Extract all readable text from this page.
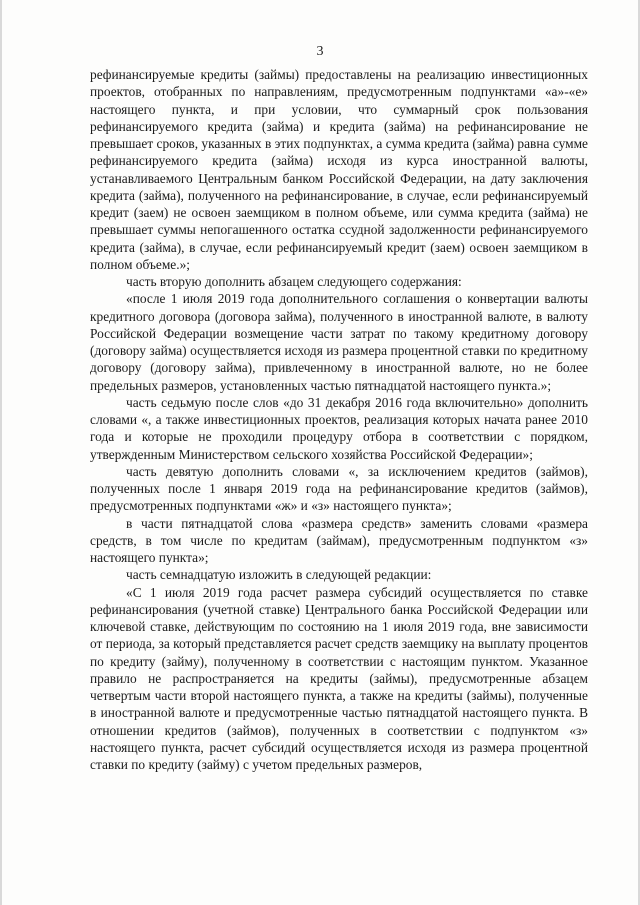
3

рефинансируемые кредиты (займы) предоставлены на реализацию инвестиционных проектов, отобранных по направлениям, предусмотренным подпунктами «а»-«е» настоящего пункта, и при условии, что суммарный срок пользования рефинансируемого кредита (займа) и кредита (займа) на рефинансирование не превышает сроков, указанных в этих подпунктах, а сумма кредита (займа) равна сумме рефинансируемого кредита (займа) исходя из курса иностранной валюты, устанавливаемого Центральным банком Российской Федерации, на дату заключения кредита (займа), полученного на рефинансирование, в случае, если рефинансируемый кредит (заем) не освоен заемщиком в полном объеме, или сумма кредита (займа) не превышает суммы непогашенного остатка ссудной задолженности рефинансируемого кредита (займа), в случае, если рефинансируемый кредит (заем) освоен заемщиком в полном объеме.»;

часть вторую дополнить абзацем следующего содержания:

«после 1 июля 2019 года дополнительного соглашения о конвертации валюты кредитного договора (договора займа), полученного в иностранной валюте, в валюту Российской Федерации возмещение части затрат по такому кредитному договору (договору займа) осуществляется исходя из размера процентной ставки по кредитному договору (договору займа), привлеченному в иностранной валюте, но не более предельных размеров, установленных частью пятнадцатой настоящего пункта.»;

часть седьмую после слов «до 31 декабря 2016 года включительно» дополнить словами «, а также инвестиционных проектов, реализация которых начата ранее 2010 года и которые не проходили процедуру отбора в соответствии с порядком, утвержденным Министерством сельского хозяйства Российской Федерации»;

часть девятую дополнить словами «, за исключением кредитов (займов), полученных после 1 января 2019 года на рефинансирование кредитов (займов), предусмотренных подпунктами «ж» и «з» настоящего пункта»;

в части пятнадцатой слова «размера средств» заменить словами «размера средств, в том числе по кредитам (займам), предусмотренным подпунктом «з» настоящего пункта»;

часть семнадцатую изложить в следующей редакции:

«С 1 июля 2019 года расчет размера субсидий осуществляется по ставке рефинансирования (учетной ставке) Центрального банка Российской Федерации или ключевой ставке, действующим по состоянию на 1 июля 2019 года, вне зависимости от периода, за который представляется расчет средств заемщику на выплату процентов по кредиту (займу), полученному в соответствии с настоящим пунктом. Указанное правило не распространяется на кредиты (займы), предусмотренные абзацем четвертым части второй настоящего пункта, а также на кредиты (займы), полученные в иностранной валюте и предусмотренные частью пятнадцатой настоящего пункта. В отношении кредитов (займов), полученных в соответствии с подпунктом «з» настоящего пункта, расчет субсидий осуществляется исходя из размера процентной ставки по кредиту (займу) с учетом предельных размеров,
